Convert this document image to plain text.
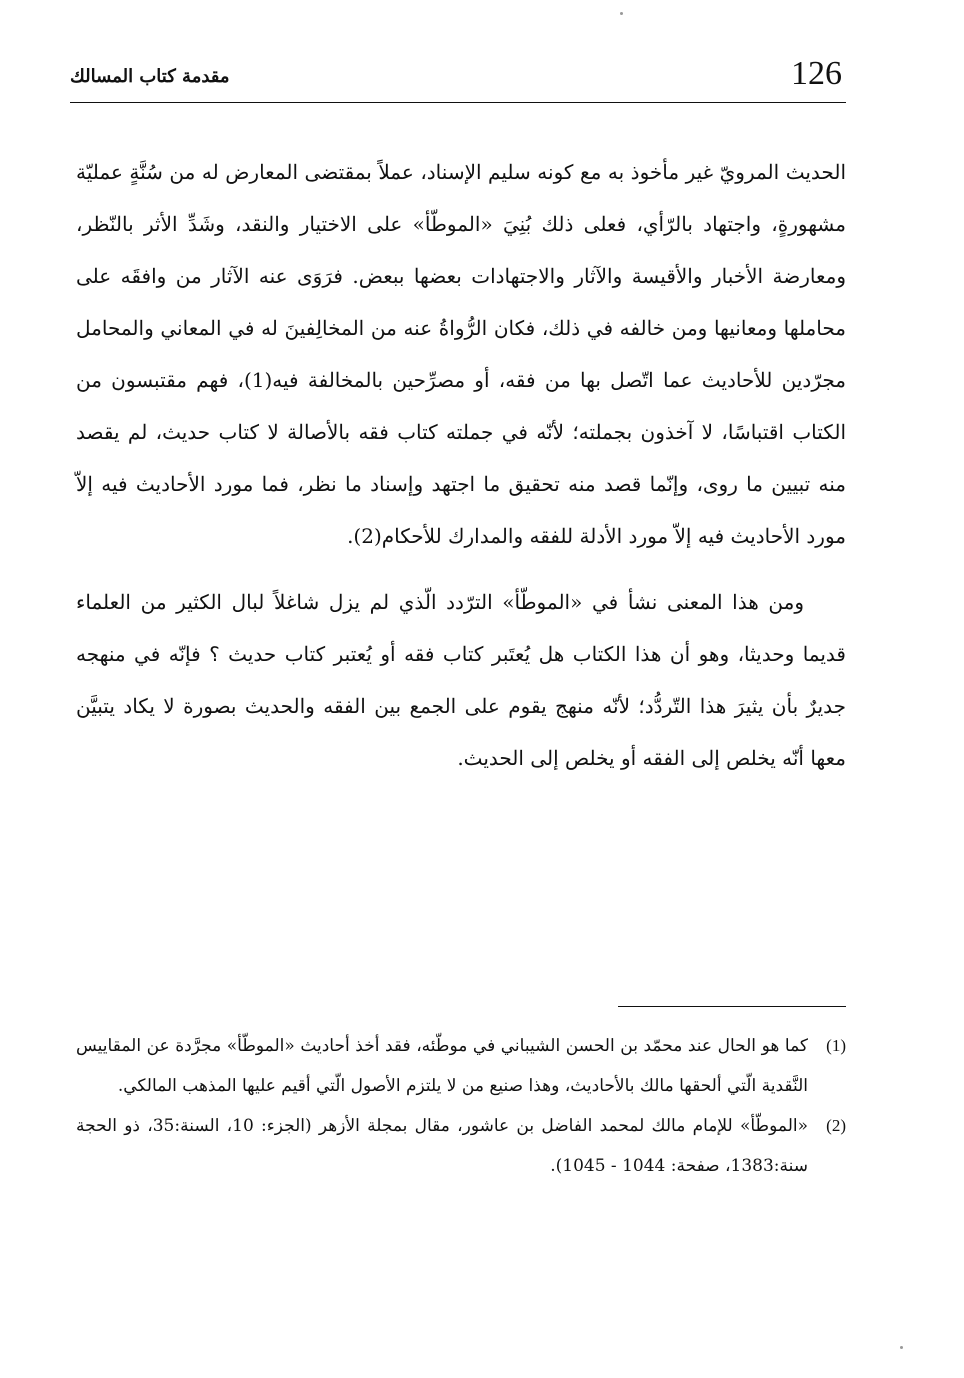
126
مقدمة كتاب المسالك

الحديث المرويّ غير مأخوذ به مع كونه سليم الإسناد، عملاً بمقتضى المعارض له من سُنَّةٍ عمليّة مشهورةٍ، واجتهاد بالرّأي، فعلى ذلك بُنِيَ «الموطّأ» على الاختيار والنقد، وشَدِّ الأثر بالنّظر، ومعارضة الأخبار والأقيسة والآثار والاجتهادات بعضها ببعض. فرَوَى عنه الآثار من وافقَه على محاملها ومعانيها ومن خالفه في ذلك، فكان الرُّواةُ عنه من المخالِفينَ له في المعاني والمحامل مجرّدين للأحاديث عما اتّصل بها من فقه، أو مصرِّحين بالمخالفة فيه(1)، فهم مقتبسون من الكتاب اقتباسًا، لا آخذون بجملته؛ لأنّه في جملته كتاب فقه بالأصالة لا كتاب حديث، لم يقصد منه تبيين ما روى، وإنّما قصد منه تحقيق ما اجتهد وإسناد ما نظر، فما مورد الأحاديث فيه إلاّ مورد الأحاديث فيه إلاّ مورد الأدلة للفقه والمدارك للأحكام(2).

ومن هذا المعنى نشأ في «الموطّأ» الترّدد الّذي لم يزل شاغلاً لبال الكثير من العلماء قديما وحديثا، وهو أن هذا الكتاب هل يُعتَبر كتاب فقه أو يُعتبر كتاب حديث ؟ فإنّه في منهجه جديرٌ بأن يثيرَ هذا التّردُّد؛ لأنّه منهج يقوم على الجمع بين الفقه والحديث بصورة لا يكاد يتبيَّن معها أنّه يخلص إلى الفقه أو يخلص إلى الحديث.

(1)
كما هو الحال عند محمّد بن الحسن الشيباني في موطّئه، فقد أخذ أحاديث «الموطّأ» مجرَّدة عن المقاييس النَّقدية الّتي ألحقها مالك بالأحاديث، وهذا صنيع من لا يلتزم الأصول الّتي أقيم عليها المذهب المالكي.
(2)
«الموطّأ» للإمام مالك لمحمد الفاضل بن عاشور، مقال بمجلة الأزهر (الجزء: 10، السنة:35، ذو الحجة سنة:1383، صفحة: 1044 - 1045).
